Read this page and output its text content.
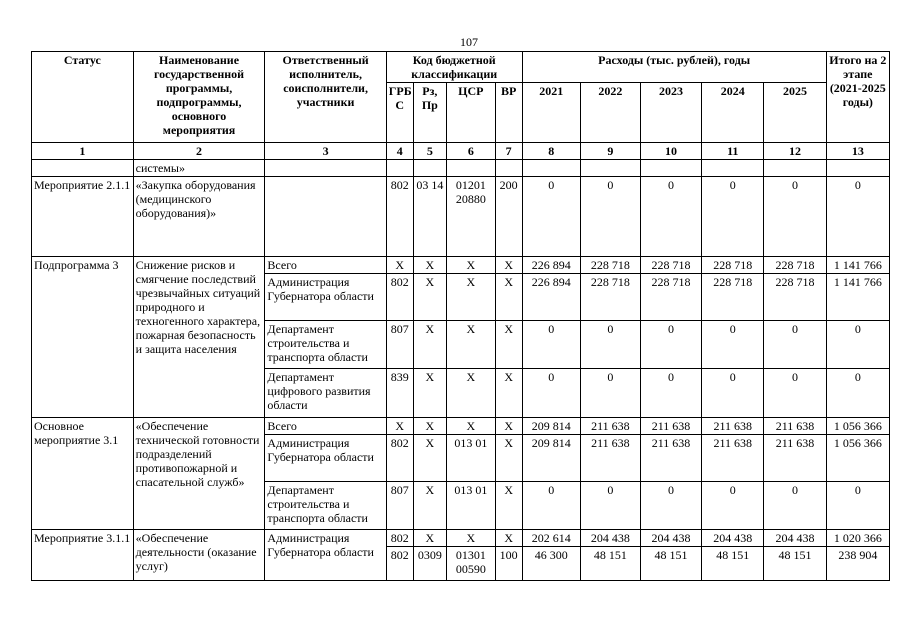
107
Статус	Наименование государственной программы, подпрограммы, основного мероприятия	Ответственный исполнитель, соисполнители, участники	Код бюджетной классификации				Расходы (тыс. рублей), годы					Итого на 2 этапе (2021-2025 годы)
			ГРБ С	Рз, Пр	ЦСР	ВР	2021	2022	2023	2024	2025	
1	2	3	4	5	6	7	8	9	10	11	12	13
	системы»											
Мероприятие 2.1.1	«Закупка оборудования (медицинского оборудования)»		802	03 14	01201 20880	200	0	0	0	0	0	0
Подпрограмма 3	Снижение рисков и смягчение последствий чрезвычайных ситуаций природного и техногенного характера, пожарная безопасность и защита населения	Всего	Х	Х	Х	Х	226 894	228 718	228 718	228 718	228 718	1 141 766
		Администрация Губернатора области	802	Х	Х	Х	226 894	228 718	228 718	228 718	228 718	1 141 766
		Департамент строительства и транспорта области	807	Х	Х	Х	0	0	0	0	0	0
		Департамент цифрового развития области	839	Х	Х	Х	0	0	0	0	0	0
Основное мероприятие 3.1	«Обеспечение технической готовности подразделений противопожарной и спасательной служб»	Всего	Х	Х	Х	Х	209 814	211 638	211 638	211 638	211 638	1 056 366
		Администрация Губернатора области	802	Х	013 01	Х	209 814	211 638	211 638	211 638	211 638	1 056 366
		Департамент строительства и транспорта области	807	Х	013 01	Х	0	0	0	0	0	0
Мероприятие 3.1.1	«Обеспечение деятельности (оказание услуг)	Администрация Губернатора области	802	Х	Х	Х	202 614	204 438	204 438	204 438	204 438	1 020 366
			802	0309	01301 00590	100	46 300	48 151	48 151	48 151	48 151	238 904
